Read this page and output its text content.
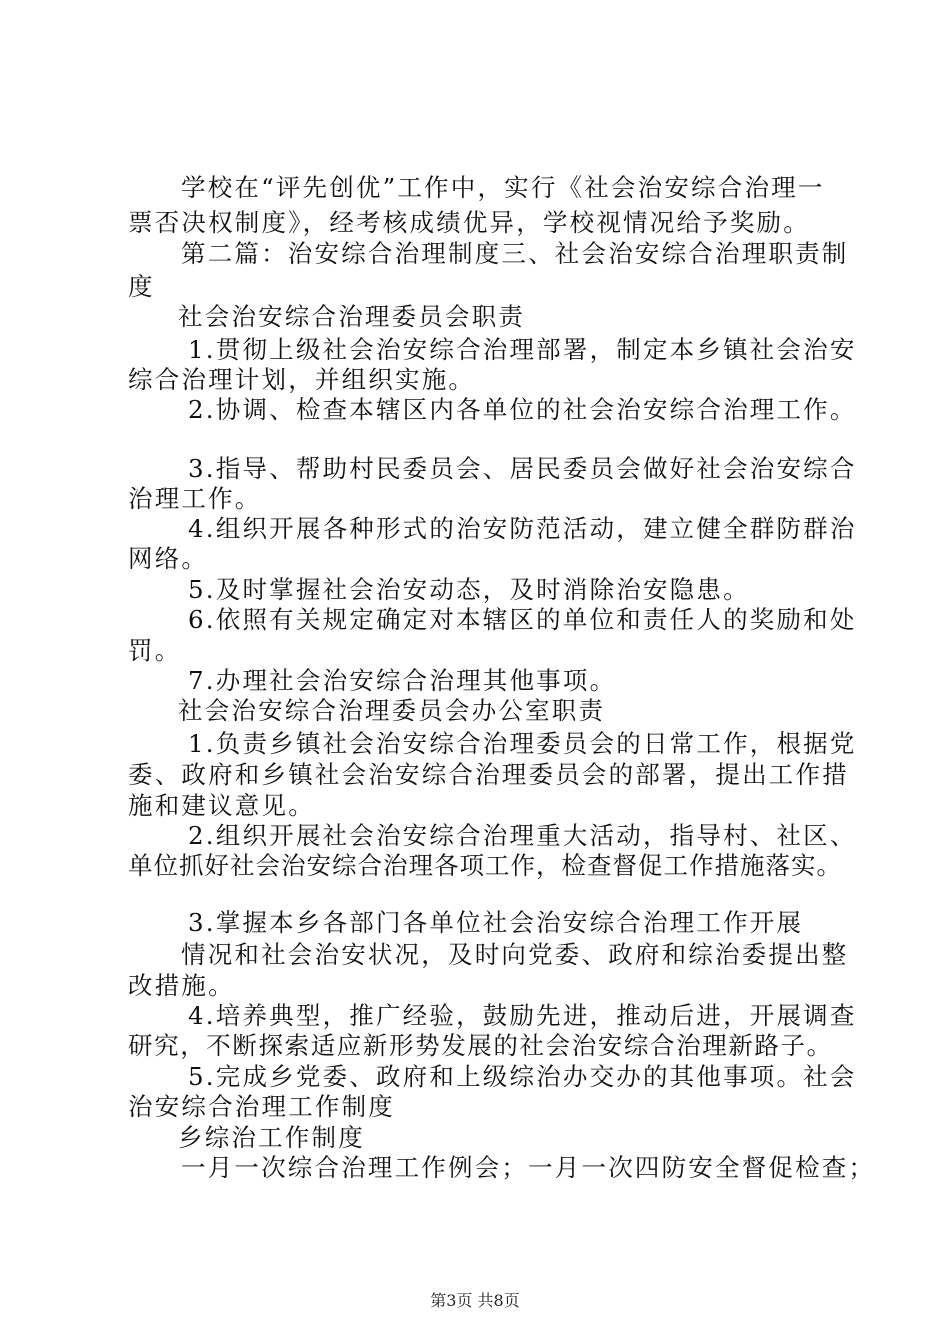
学校在“评先创优”工作中，实行《社会治安综合治理一
票否决权制度》，经考核成绩优异，学校视情况给予奖励。
第二篇：治安综合治理制度三、社会治安综合治理职责制
度
社会治安综合治理委员会职责
1.贯彻上级社会治安综合治理部署，制定本乡镇社会治安
综合治理计划，并组织实施。
2.协调、检查本辖区内各单位的社会治安综合治理工作。
3.指导、帮助村民委员会、居民委员会做好社会治安综合
治理工作。
4.组织开展各种形式的治安防范活动，建立健全群防群治
网络。
5.及时掌握社会治安动态，及时消除治安隐患。
6.依照有关规定确定对本辖区的单位和责任人的奖励和处
罚。
7.办理社会治安综合治理其他事项。
社会治安综合治理委员会办公室职责
1.负责乡镇社会治安综合治理委员会的日常工作，根据党
委、政府和乡镇社会治安综合治理委员会的部署，提出工作措
施和建议意见。
2.组织开展社会治安综合治理重大活动，指导村、社区、
单位抓好社会治安综合治理各项工作，检查督促工作措施落实。
3.掌握本乡各部门各单位社会治安综合治理工作开展
情况和社会治安状况，及时向党委、政府和综治委提出整
改措施。
4.培养典型，推广经验，鼓励先进，推动后进，开展调查
研究，不断探索适应新形势发展的社会治安综合治理新路子。
5.完成乡党委、政府和上级综治办交办的其他事项。社会
治安综合治理工作制度
乡综治工作制度
一月一次综合治理工作例会；一月一次四防安全督促检查；
第3页 共8页
